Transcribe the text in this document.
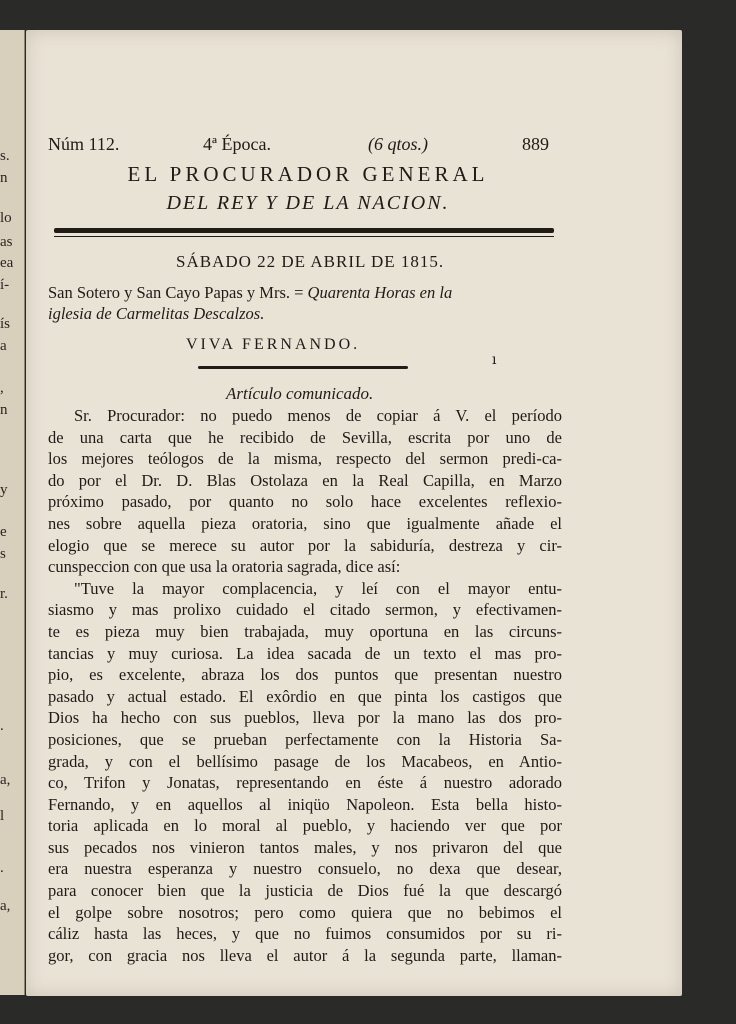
s.
n
lo
as
ea
í-
ís
a
,
n
y
e
s
r.
.
a,
l
.
a,
Núm 112.	4ª Época.	(6 qtos.)	889
EL PROCURADOR GENERAL
DEL REY Y DE LA NACION.
SÁBADO 22 DE ABRIL DE 1815.
San Sotero y San Cayo Papas y Mrs. = Quarenta Horas en la
iglesia de Carmelitas Descalzos.
VIVA FERNANDO.
ı
Artículo comunicado.
Sr. Procurador: no puedo menos de copiar á V. el período
de una carta que he recibido de Sevilla, escrita por uno de
los mejores teólogos de la misma, respecto del sermon predi-ca-
do por el Dr. D. Blas Ostolaza en la Real Capilla, en Marzo
próximo pasado, por quanto no solo hace excelentes reflexio-
nes sobre aquella pieza oratoria, sino que igualmente añade el
elogio que se merece su autor por la sabiduría, destreza y cir-
cunspeccion con que usa la oratoria sagrada, dice así:
"Tuve la mayor complacencia, y leí con el mayor entu-
siasmo y mas prolixo cuidado el citado sermon, y efectivamen-
te es pieza muy bien trabajada, muy oportuna en las circuns-
tancias y muy curiosa. La idea sacada de un texto el mas pro-
pio, es excelente, abraza los dos puntos que presentan nuestro
pasado y actual estado. El exôrdio en que pinta los castigos que
Dios ha hecho con sus pueblos, lleva por la mano las dos pro-
posiciones, que se prueban perfectamente con la Historia Sa-
grada, y con el bellísimo pasage de los Macabeos, en Antio-
co, Trifon y Jonatas, representando en éste á nuestro adorado
Fernando, y en aquellos al iniqüo Napoleon. Esta bella histo-
toria aplicada en lo moral al pueblo, y haciendo ver que por
sus pecados nos vinieron tantos males, y nos privaron del que
era nuestra esperanza y nuestro consuelo, no dexa que desear,
para conocer bien que la justicia de Dios fué la que descargó
el golpe sobre nosotros; pero como quiera que no bebimos el
cáliz hasta las heces, y que no fuimos consumidos por su ri-
gor, con gracia nos lleva el autor á la segunda parte, llaman-
